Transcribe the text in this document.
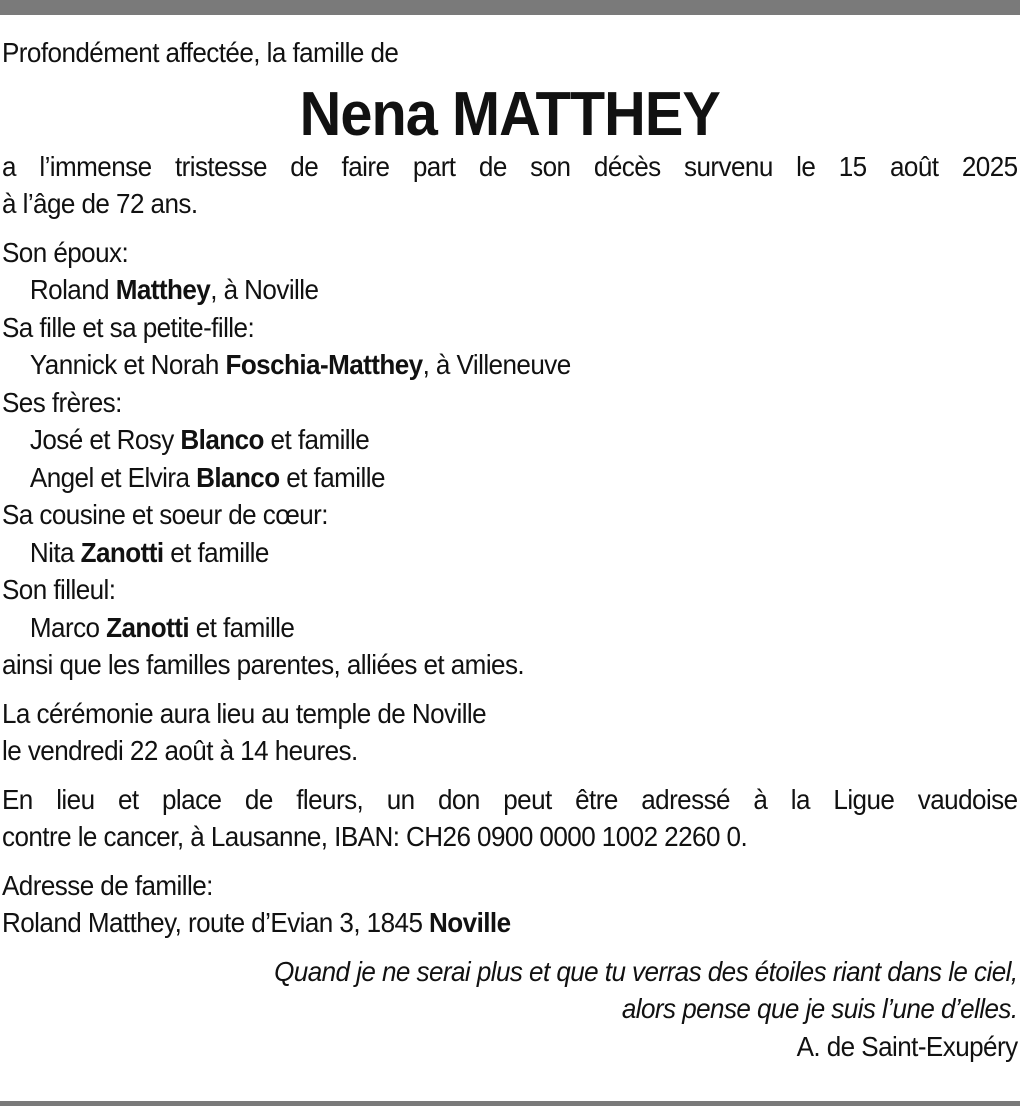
Profondément affectée, la famille de
Nena MATTHEY
a l’immense tristesse de faire part de son décès survenu le 15 août 2025
à l’âge de 72 ans.
Son époux:
Roland Matthey, à Noville
Sa fille et sa petite-fille:
Yannick et Norah Foschia-Matthey, à Villeneuve
Ses frères:
José et Rosy Blanco et famille
Angel et Elvira Blanco et famille
Sa cousine et soeur de cœur:
Nita Zanotti et famille
Son filleul:
Marco Zanotti et famille
ainsi que les familles parentes, alliées et amies.
La cérémonie aura lieu au temple de Noville
le vendredi 22 août à 14 heures.
En lieu et place de fleurs, un don peut être adressé à la Ligue vaudoise
contre le cancer, à Lausanne, IBAN: CH26 0900 0000 1002 2260 0.
Adresse de famille:
Roland Matthey, route d’Evian 3, 1845 Noville
Quand je ne serai plus et que tu verras des étoiles riant dans le ciel,
alors pense que je suis l’une d’elles.
A. de Saint-Exupéry
